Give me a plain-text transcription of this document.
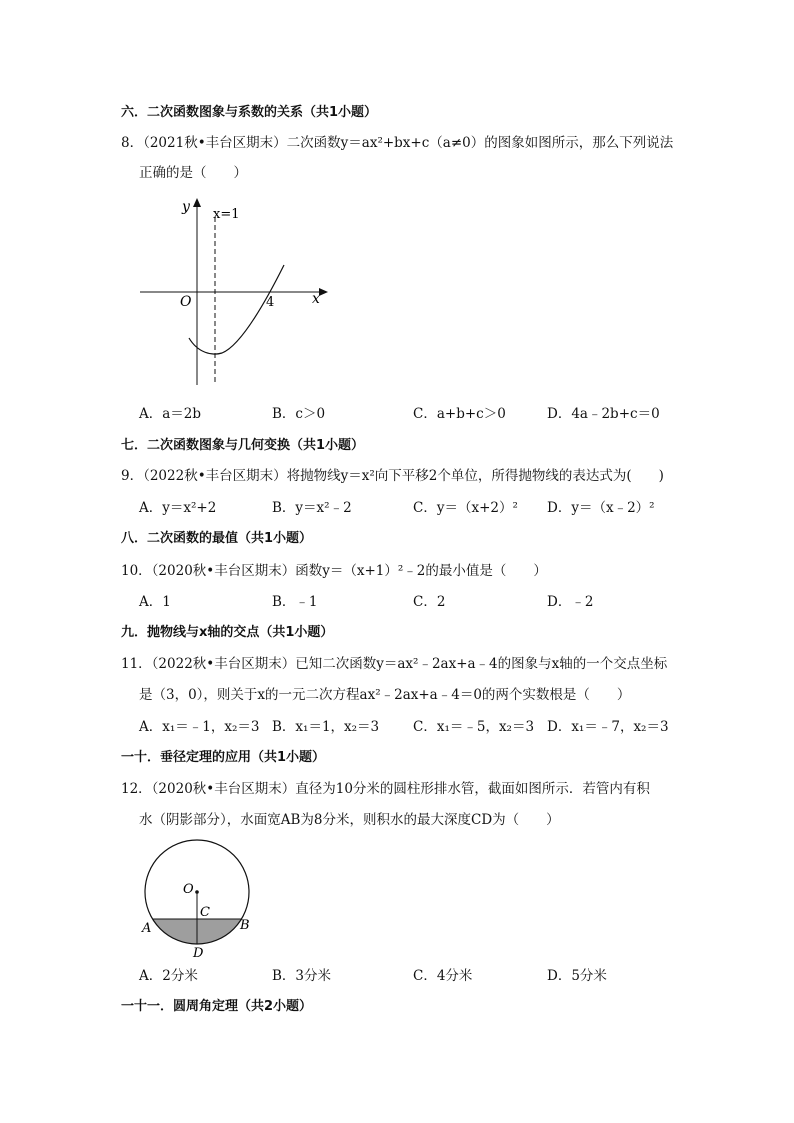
六．二次函数图象与系数的关系（共1小题）
8．（2021秋•丰台区期末）二次函数y＝ax²+bx+c（a≠0）的图象如图所示，那么下列说法
正确的是（　　）
y
x
O
x=1
4
A．a＝2b	B．c＞0	C．a+b+c＞0	D．4a﹣2b+c＝0
七．二次函数图象与几何变换（共1小题）
9．（2022秋•丰台区期末）将抛物线y＝x²向下平移2个单位，所得抛物线的表达式为(　　)
A．y＝x²+2	B．y＝x²﹣2	C．y＝（x+2）² D．y＝（x﹣2）²
八．二次函数的最值（共1小题）
10．（2020秋•丰台区期末）函数y＝（x+1）²﹣2的最小值是（　　）
A．1	B．﹣1	C．2	D．﹣2
九．抛物线与x轴的交点（共1小题）
11．（2022秋•丰台区期末）已知二次函数y＝ax²﹣2ax+a﹣4的图象与x轴的一个交点坐标
是（3，0），则关于x的一元二次方程ax²﹣2ax+a﹣4＝0的两个实数根是（　　）
A．x₁＝﹣1，x₂＝3 B．x₁＝1，x₂＝3	C．x₁＝﹣5，x₂＝3 D．x₁＝﹣7，x₂＝3
一十．垂径定理的应用（共1小题）
12．（2020秋•丰台区期末）直径为10分米的圆柱形排水管，截面如图所示．若管内有积
水（阴影部分），水面宽AB为8分米，则积水的最大深度CD为（　　）
O
C
A	B
D
A．2分米	B．3分米	C．4分米	D．5分米
一十一．圆周角定理（共2小题）
